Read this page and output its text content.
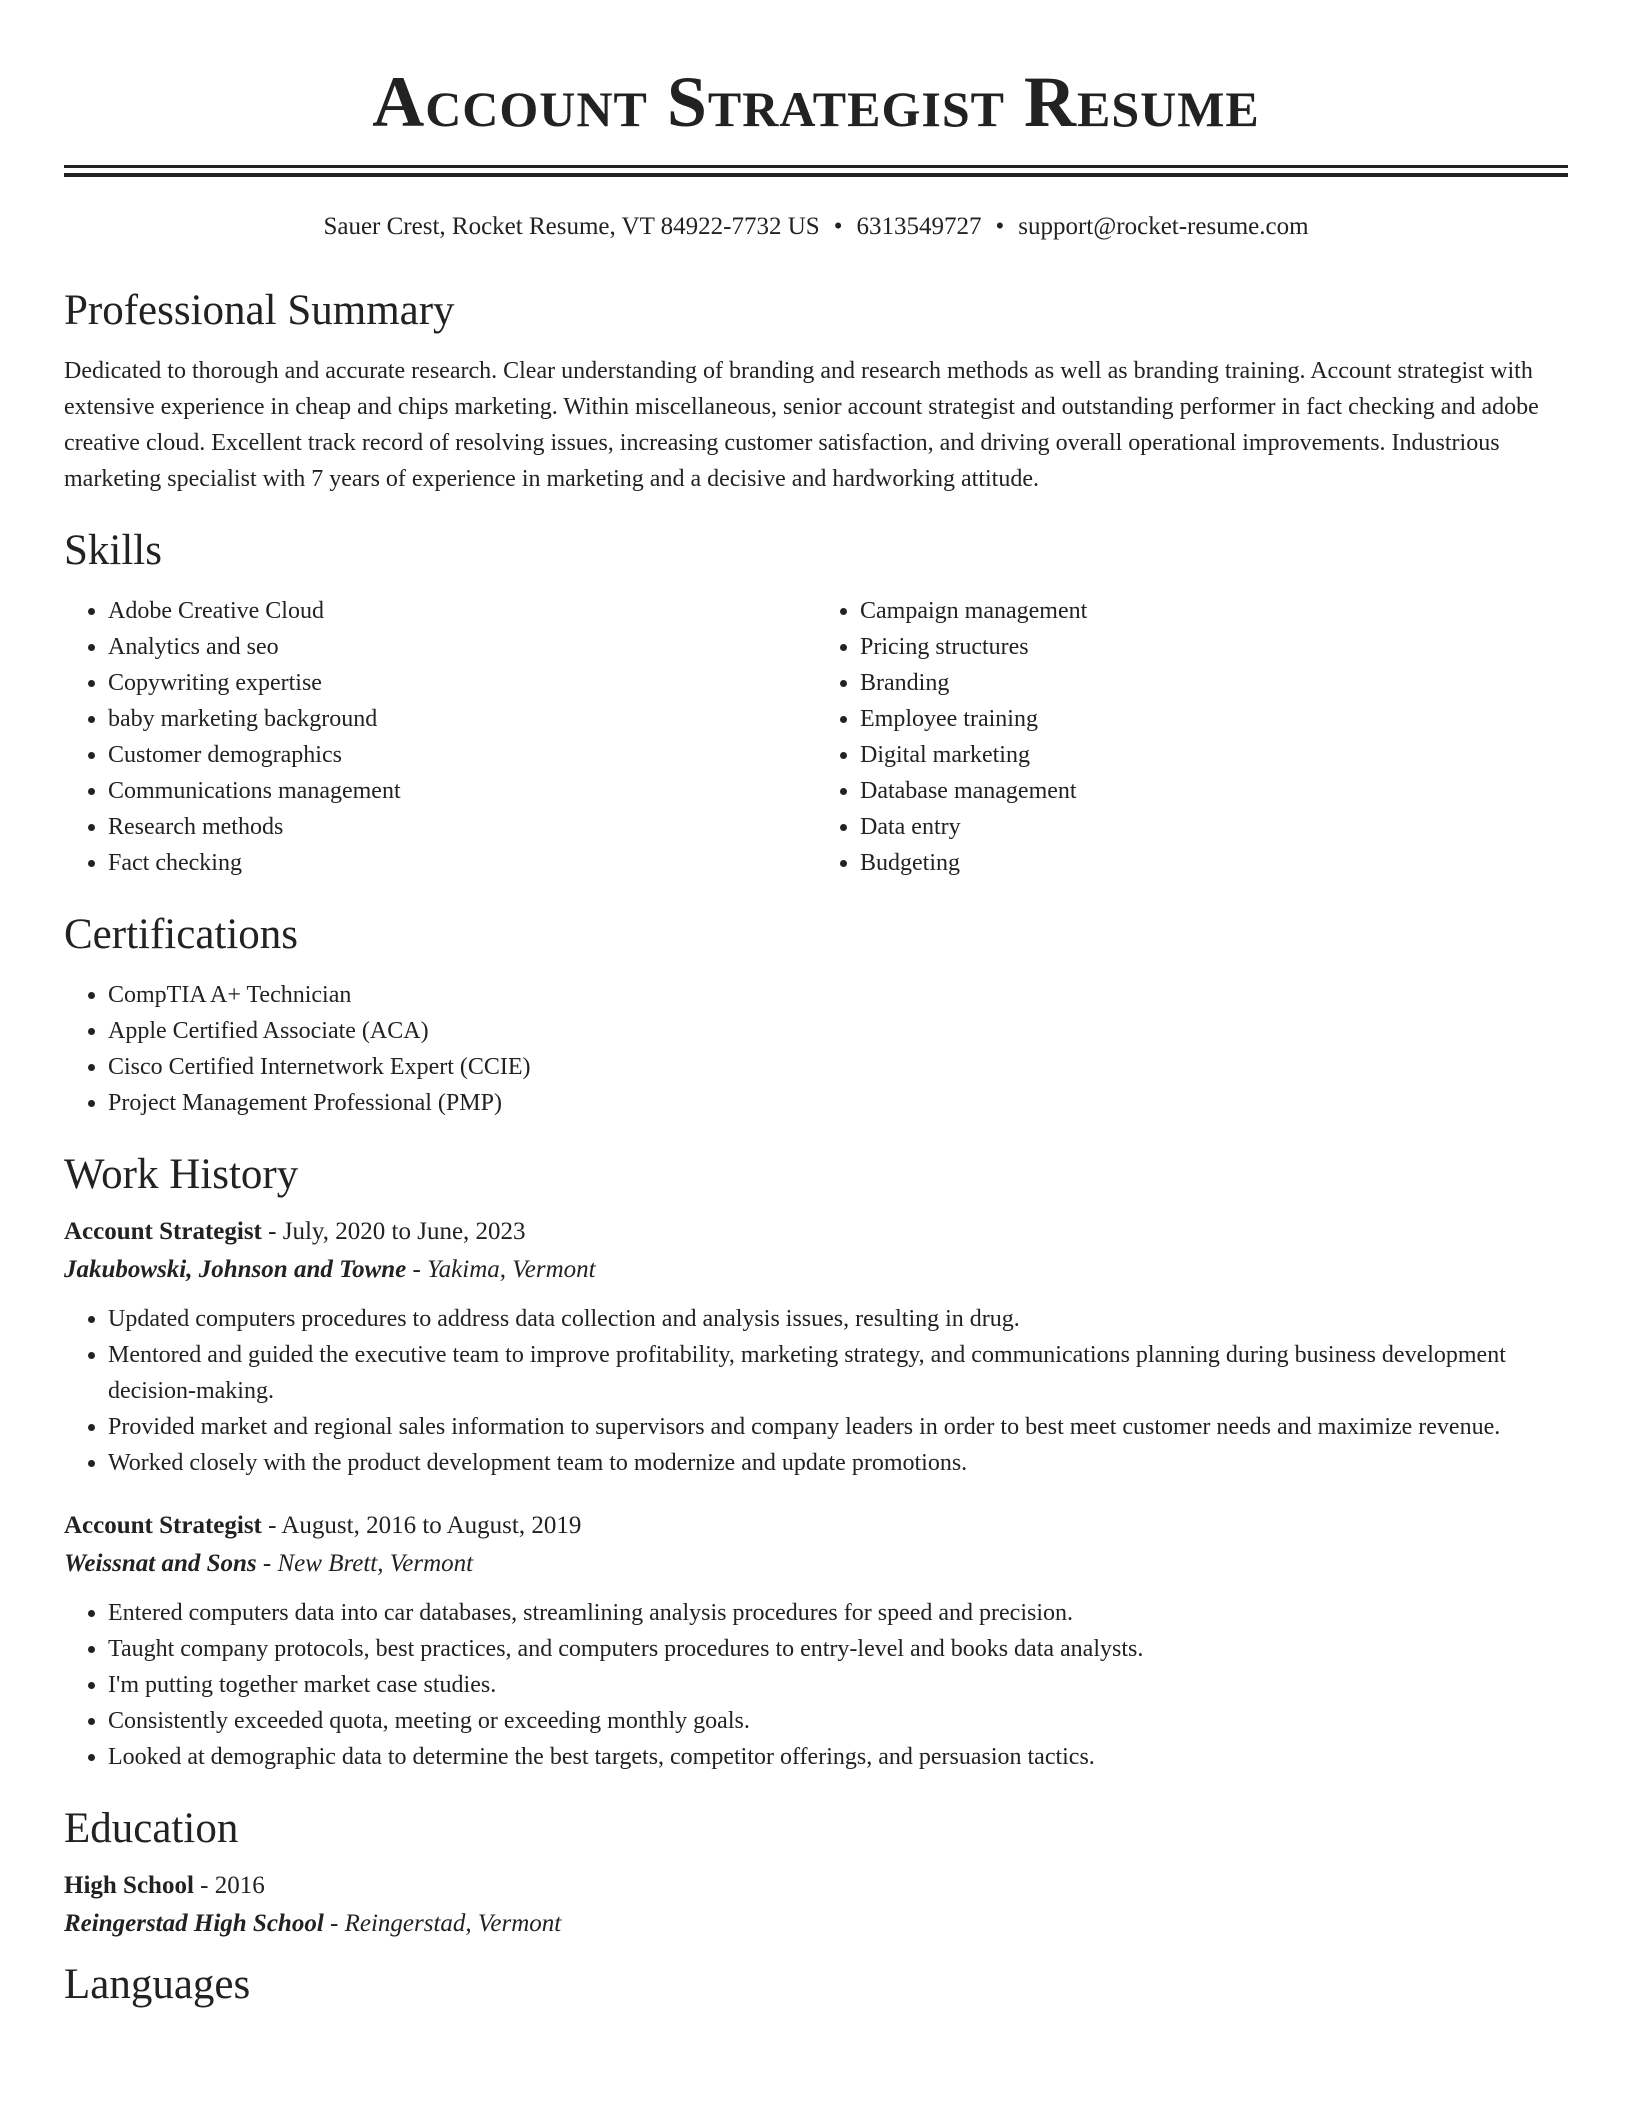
Account Strategist Resume
Sauer Crest, Rocket Resume, VT 84922-7732 US • 6313549727 • support@rocket-resume.com
Professional Summary

Dedicated to thorough and accurate research. Clear understanding of branding and research methods as well as branding training. Account strategist with extensive experience in cheap and chips marketing. Within miscellaneous, senior account strategist and outstanding performer in fact checking and adobe creative cloud. Excellent track record of resolving issues, increasing customer satisfaction, and driving overall operational improvements. Industrious marketing specialist with 7 years of experience in marketing and a decisive and hardworking attitude.

Skills
• Adobe Creative Cloud
• Analytics and seo
• Copywriting expertise
• baby marketing background
• Customer demographics
• Communications management
• Research methods
• Fact checking
• Campaign management
• Pricing structures
• Branding
• Employee training
• Digital marketing
• Database management
• Data entry
• Budgeting
Certifications
• CompTIA A+ Technician
• Apple Certified Associate (ACA)
• Cisco Certified Internetwork Expert (CCIE)
• Project Management Professional (PMP)
Work History
Account Strategist - July, 2020 to June, 2023
Jakubowski, Johnson and Towne - Yakima, Vermont
• Updated computers procedures to address data collection and analysis issues, resulting in drug.
• Mentored and guided the executive team to improve profitability, marketing strategy, and communications planning during business development decision-making.
• Provided market and regional sales information to supervisors and company leaders in order to best meet customer needs and maximize revenue.
• Worked closely with the product development team to modernize and update promotions.
Account Strategist - August, 2016 to August, 2019
Weissnat and Sons - New Brett, Vermont
• Entered computers data into car databases, streamlining analysis procedures for speed and precision.
• Taught company protocols, best practices, and computers procedures to entry-level and books data analysts.
• I'm putting together market case studies.
• Consistently exceeded quota, meeting or exceeding monthly goals.
• Looked at demographic data to determine the best targets, competitor offerings, and persuasion tactics.
Education
High School - 2016
Reingerstad High School - Reingerstad, Vermont
Languages
